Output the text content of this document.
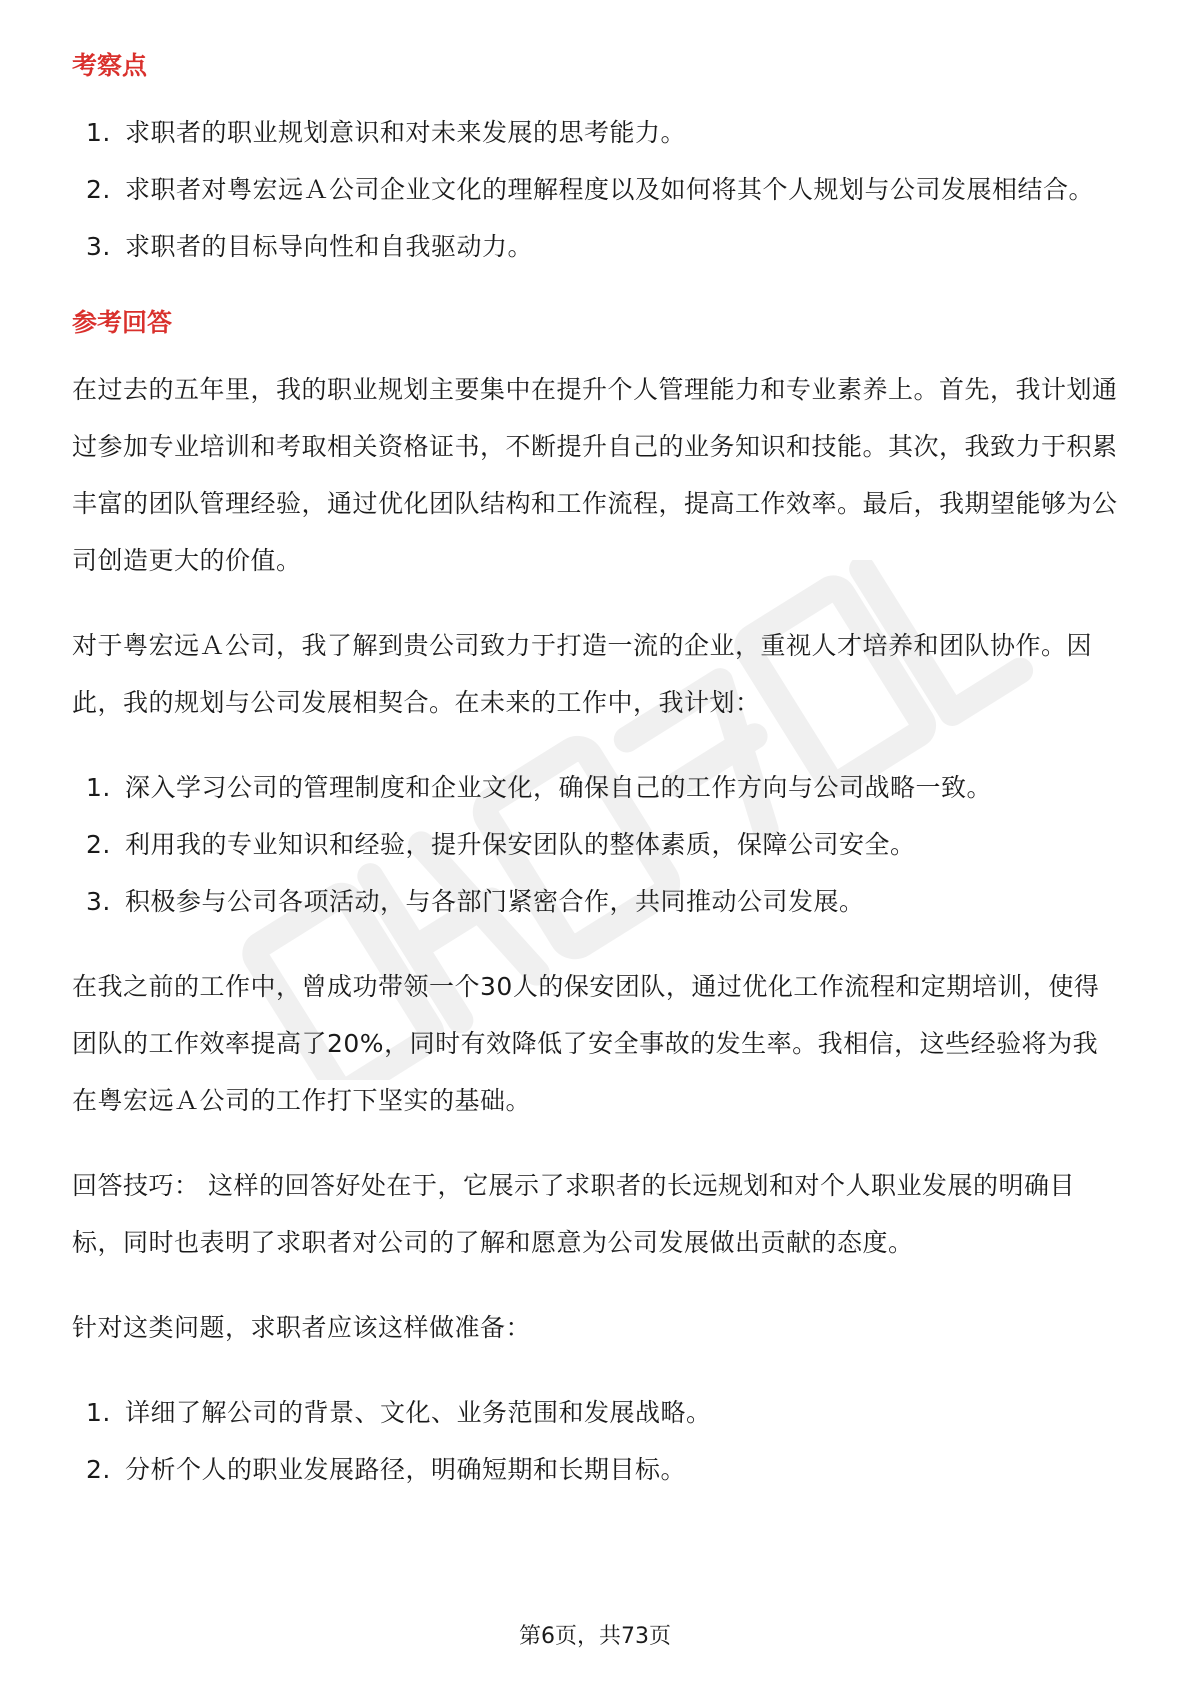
考察点
1. 求职者的职业规划意识和对未来发展的思考能力。
2. 求职者对粤宏远Ａ公司企业文化的理解程度以及如何将其个人规划与公司发展相结合。
3. 求职者的目标导向性和自我驱动力。
参考回答

在过去的五年里，我的职业规划主要集中在提升个人管理能力和专业素养上。首先，我计划通过参加专业培训和考取相关资格证书，不断提升自己的业务知识和技能。其次，我致力于积累丰富的团队管理经验，通过优化团队结构和工作流程，提高工作效率。最后，我期望能够为公司创造更大的价值。

对于粤宏远Ａ公司，我了解到贵公司致力于打造一流的企业，重视人才培养和团队协作。因此，我的规划与公司发展相契合。在未来的工作中，我计划：

1. 深入学习公司的管理制度和企业文化，确保自己的工作方向与公司战略一致。
2. 利用我的专业知识和经验，提升保安团队的整体素质，保障公司安全。
3. 积极参与公司各项活动，与各部门紧密合作，共同推动公司发展。

在我之前的工作中，曾成功带领一个30人的保安团队，通过优化工作流程和定期培训，使得团队的工作效率提高了20%，同时有效降低了安全事故的发生率。我相信，这些经验将为我在粤宏远Ａ公司的工作打下坚实的基础。

回答技巧： 这样的回答好处在于，它展示了求职者的长远规划和对个人职业发展的明确目标，同时也表明了求职者对公司的了解和愿意为公司发展做出贡献的态度。

针对这类问题，求职者应该这样做准备：

1. 详细了解公司的背景、文化、业务范围和发展战略。
2. 分析个人的职业发展路径，明确短期和长期目标。
第6页，共73页
